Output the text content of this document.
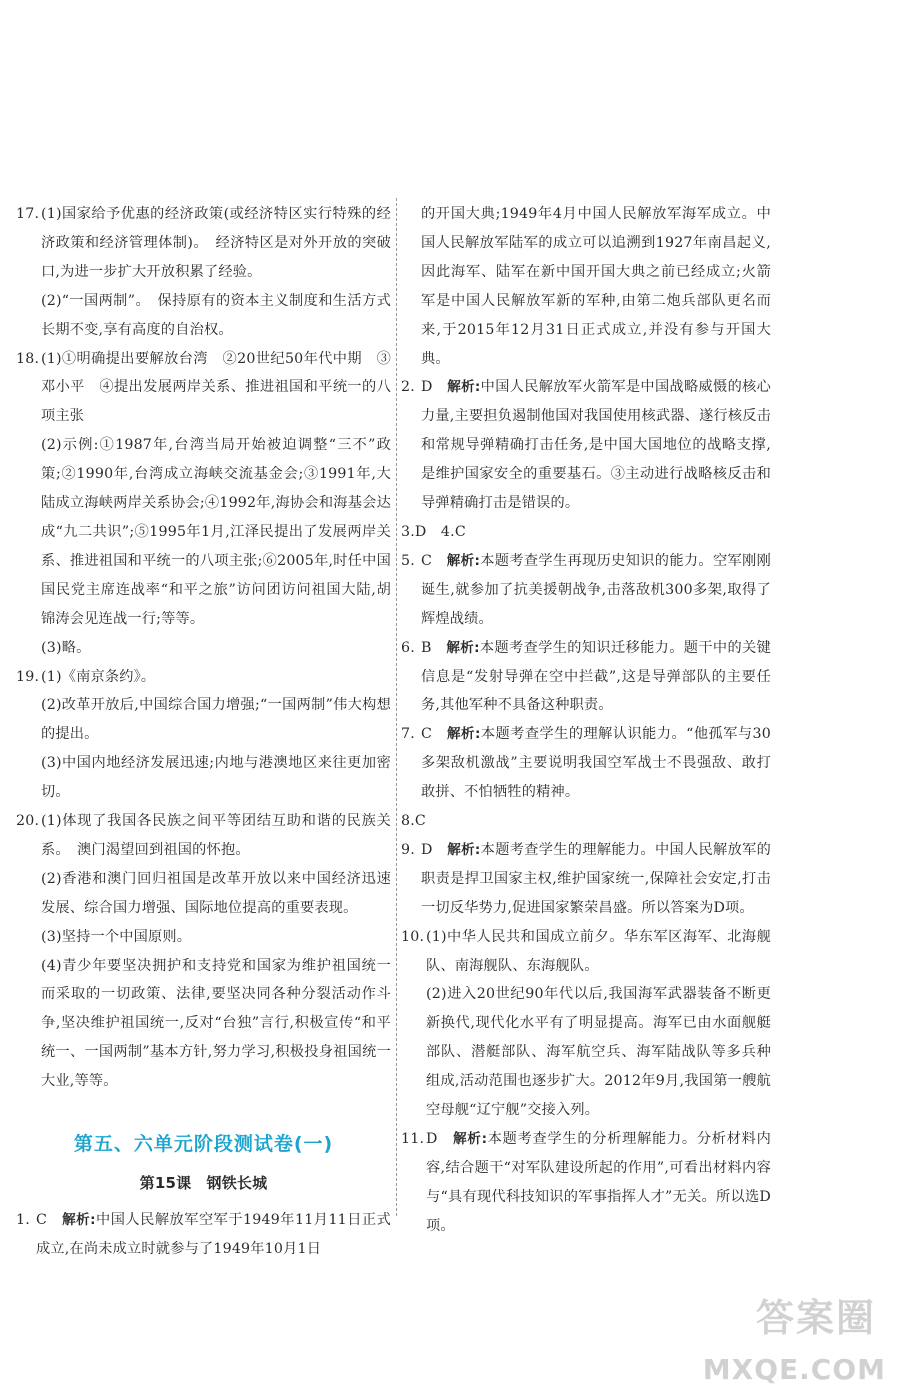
17. (1)国家给予优惠的经济政策(或经济特区实行特殊的经济政策和经济管理体制)。　经济特区是对外开放的突破口,为进一步扩大开放积累了经验。

(2)“一国两制”。　保持原有的资本主义制度和生活方式长期不变,享有高度的自治权。

18. (1)①明确提出要解放台湾　②20世纪50年代中期　③邓小平　④提出发展两岸关系、推进祖国和平统一的八项主张

(2)示例:①1987年,台湾当局开始被迫调整“三不”政策;②1990年,台湾成立海峡交流基金会;③1991年,大陆成立海峡两岸关系协会;④1992年,海协会和海基会达成“九二共识”;⑤1995年1月,江泽民提出了发展两岸关系、推进祖国和平统一的八项主张;⑥2005年,时任中国国民党主席连战率“和平之旅”访问团访问祖国大陆,胡锦涛会见连战一行;等等。

(3)略。

19. (1)《南京条约》。

(2)改革开放后,中国综合国力增强;“一国两制”伟大构想的提出。

(3)中国内地经济发展迅速;内地与港澳地区来往更加密切。

20. (1)体现了我国各民族之间平等团结互助和谐的民族关系。　澳门渴望回到祖国的怀抱。

(2)香港和澳门回归祖国是改革开放以来中国经济迅速发展、综合国力增强、国际地位提高的重要表现。

(3)坚持一个中国原则。

(4)青少年要坚决拥护和支持党和国家为维护祖国统一而采取的一切政策、法律,要坚决同各种分裂活动作斗争,坚决维护祖国统一,反对“台独”言行,积极宣传“和平统一、一国两制”基本方针,努力学习,积极投身祖国统一大业,等等。

第五、六单元阶段测试卷(一)
第15课　钢铁长城
1. C　 解析:中国人民解放军空军于1949年11月11日正式成立,在尚未成立时就参与了1949年10月1日

的开国大典;1949年4月中国人民解放军海军成立。中国人民解放军陆军的成立可以追溯到1927年南昌起义,因此海军、陆军在新中国开国大典之前已经成立;火箭军是中国人民解放军新的军种,由第二炮兵部队更名而来,于2015年12月31日正式成立,并没有参与开国大典。

2. D　 解析:中国人民解放军火箭军是中国战略威慑的核心力量,主要担负遏制他国对我国使用核武器、遂行核反击和常规导弹精确打击任务,是中国大国地位的战略支撑,是维护国家安全的重要基石。③主动进行战略核反击和导弹精确打击是错误的。

3.D　4.C

5. C　 解析:本题考查学生再现历史知识的能力。空军刚刚诞生,就参加了抗美援朝战争,击落敌机300多架,取得了辉煌战绩。

6. B　 解析:本题考查学生的知识迁移能力。题干中的关键信息是“发射导弹在空中拦截”,这是导弹部队的主要任务,其他军种不具备这种职责。

7. C　 解析:本题考查学生的理解认识能力。“他孤军与30多架敌机激战”主要说明我国空军战士不畏强敌、敢打敢拼、不怕牺牲的精神。

8.C

9. D　 解析:本题考查学生的理解能力。中国人民解放军的职责是捍卫国家主权,维护国家统一,保障社会安定,打击一切反华势力,促进国家繁荣昌盛。所以答案为D项。

10. (1)中华人民共和国成立前夕。华东军区海军、北海舰队、南海舰队、东海舰队。

(2)进入20世纪90年代以后,我国海军武器装备不断更新换代,现代化水平有了明显提高。海军已由水面舰艇部队、潜艇部队、海军航空兵、海军陆战队等多兵种组成,活动范围也逐步扩大。2012年9月,我国第一艘航空母舰“辽宁舰”交接入列。

11. D　 解析:本题考查学生的分析理解能力。分析材料内容,结合题干“对军队建设所起的作用”,可看出材料内容与“具有现代科技知识的军事指挥人才”无关。所以选D项。

答案圈
MXQE.COM
